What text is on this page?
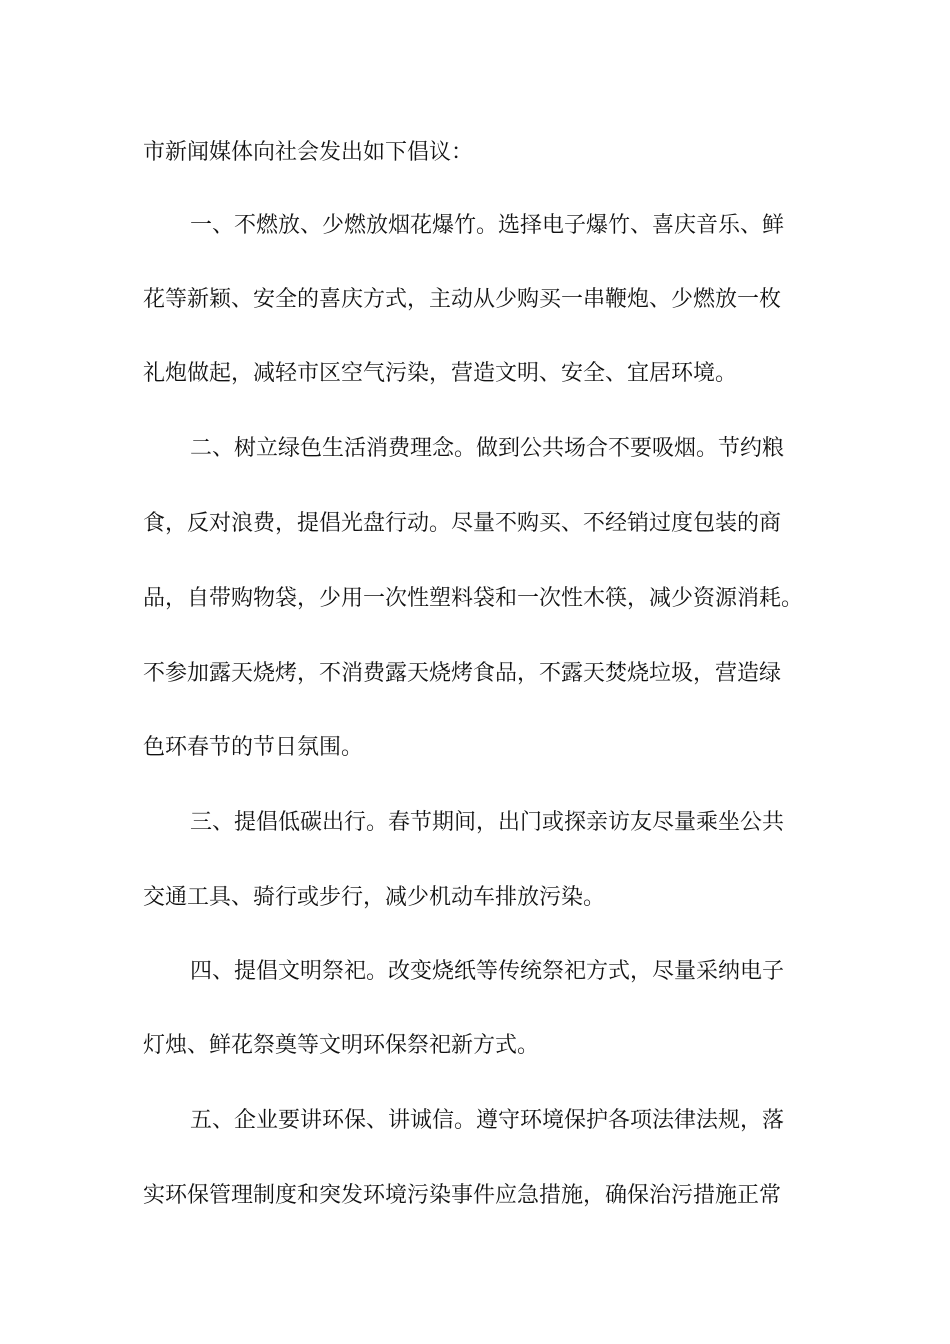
市新闻媒体向社会发出如下倡议：
一、不燃放、少燃放烟花爆竹。选择电子爆竹、喜庆音乐、鲜
花等新颖、安全的喜庆方式，主动从少购买一串鞭炮、少燃放一枚
礼炮做起，减轻市区空气污染，营造文明、安全、宜居环境。
二、树立绿色生活消费理念。做到公共场合不要吸烟。节约粮
食，反对浪费，提倡光盘行动。尽量不购买、不经销过度包装的商
品，自带购物袋，少用一次性塑料袋和一次性木筷，减少资源消耗。
不参加露天烧烤，不消费露天烧烤食品，不露天焚烧垃圾，营造绿
色环春节的节日氛围。
三、提倡低碳出行。春节期间，出门或探亲访友尽量乘坐公共
交通工具、骑行或步行，减少机动车排放污染。
四、提倡文明祭祀。改变烧纸等传统祭祀方式，尽量采纳电子
灯烛、鲜花祭奠等文明环保祭祀新方式。
五、企业要讲环保、讲诚信。遵守环境保护各项法律法规，落
实环保管理制度和突发环境污染事件应急措施，确保治污措施正常
